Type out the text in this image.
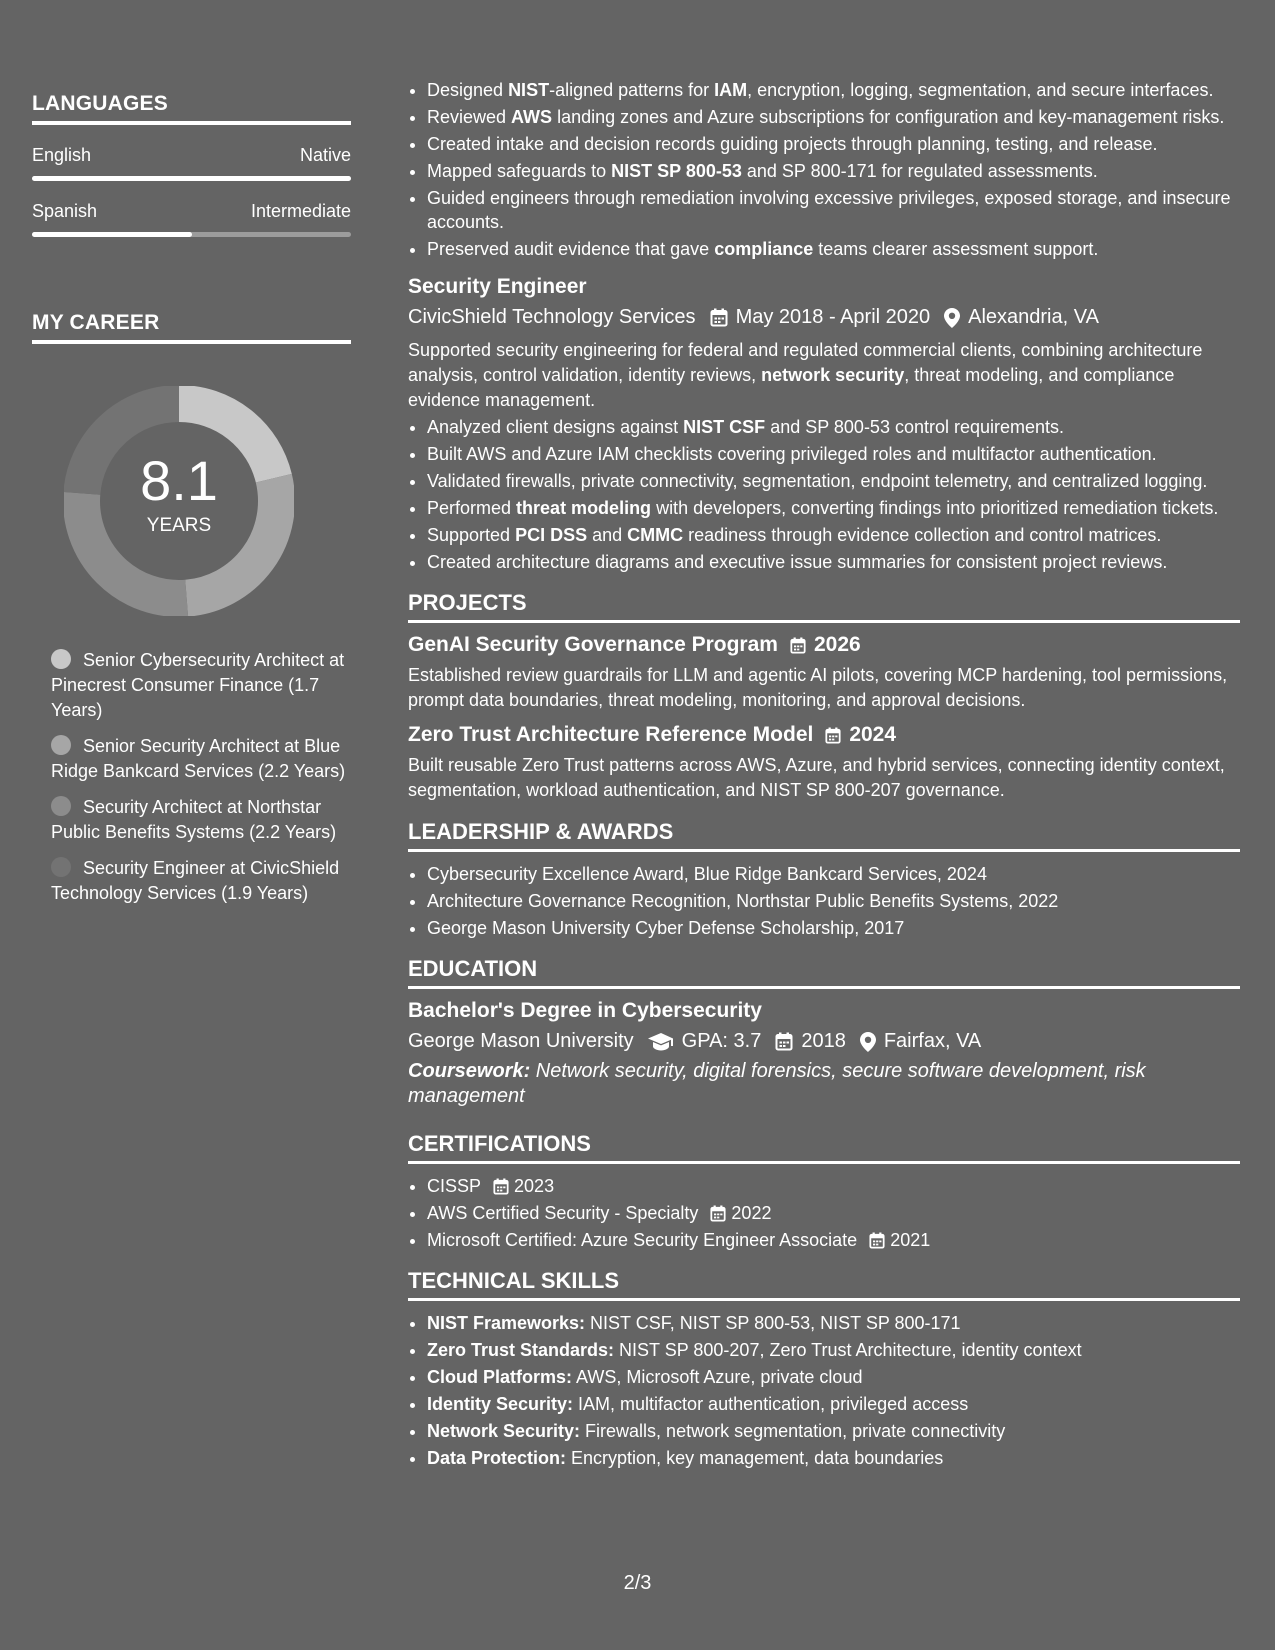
LANGUAGES
English	Native
Spanish	Intermediate
MY CAREER
8.1
YEARS
Senior Cybersecurity Architect at Pinecrest Consumer Finance (1.7 Years)
Senior Security Architect at Blue Ridge Bankcard Services (2.2 Years)
Security Architect at Northstar Public Benefits Systems (2.2 Years)
Security Engineer at CivicShield Technology Services (1.9 Years)
• Designed NIST-aligned patterns for IAM, encryption, logging, segmentation, and secure interfaces.
• Reviewed AWS landing zones and Azure subscriptions for configuration and key-management risks.
• Created intake and decision records guiding projects through planning, testing, and release.
• Mapped safeguards to NIST SP 800-53 and SP 800-171 for regulated assessments.
• Guided engineers through remediation involving excessive privileges, exposed storage, and insecure accounts.
• Preserved audit evidence that gave compliance teams clearer assessment support.
Security Engineer
CivicShield Technology Services May 2018 - April 2020 Alexandria, VA
Supported security engineering for federal and regulated commercial clients, combining architecture analysis, control validation, identity reviews, network security, threat modeling, and compliance evidence management.
• Analyzed client designs against NIST CSF and SP 800-53 control requirements.
• Built AWS and Azure IAM checklists covering privileged roles and multifactor authentication.
• Validated firewalls, private connectivity, segmentation, endpoint telemetry, and centralized logging.
• Performed threat modeling with developers, converting findings into prioritized remediation tickets.
• Supported PCI DSS and CMMC readiness through evidence collection and control matrices.
• Created architecture diagrams and executive issue summaries for consistent project reviews.
PROJECTS
GenAI Security Governance Program 2026
Established review guardrails for LLM and agentic AI pilots, covering MCP hardening, tool permissions, prompt data boundaries, threat modeling, monitoring, and approval decisions.
Zero Trust Architecture Reference Model 2024
Built reusable Zero Trust patterns across AWS, Azure, and hybrid services, connecting identity context, segmentation, workload authentication, and NIST SP 800-207 governance.
LEADERSHIP & AWARDS
• Cybersecurity Excellence Award, Blue Ridge Bankcard Services, 2024
• Architecture Governance Recognition, Northstar Public Benefits Systems, 2022
• George Mason University Cyber Defense Scholarship, 2017
EDUCATION
Bachelor's Degree in Cybersecurity
George Mason University GPA: 3.7 2018 Fairfax, VA
Coursework: Network security, digital forensics, secure software development, risk management
CERTIFICATIONS
• CISSP 2023
• AWS Certified Security - Specialty 2022
• Microsoft Certified: Azure Security Engineer Associate 2021
TECHNICAL SKILLS
• NIST Frameworks: NIST CSF, NIST SP 800-53, NIST SP 800-171
• Zero Trust Standards: NIST SP 800-207, Zero Trust Architecture, identity context
• Cloud Platforms: AWS, Microsoft Azure, private cloud
• Identity Security: IAM, multifactor authentication, privileged access
• Network Security: Firewalls, network segmentation, private connectivity
• Data Protection: Encryption, key management, data boundaries
2/3
